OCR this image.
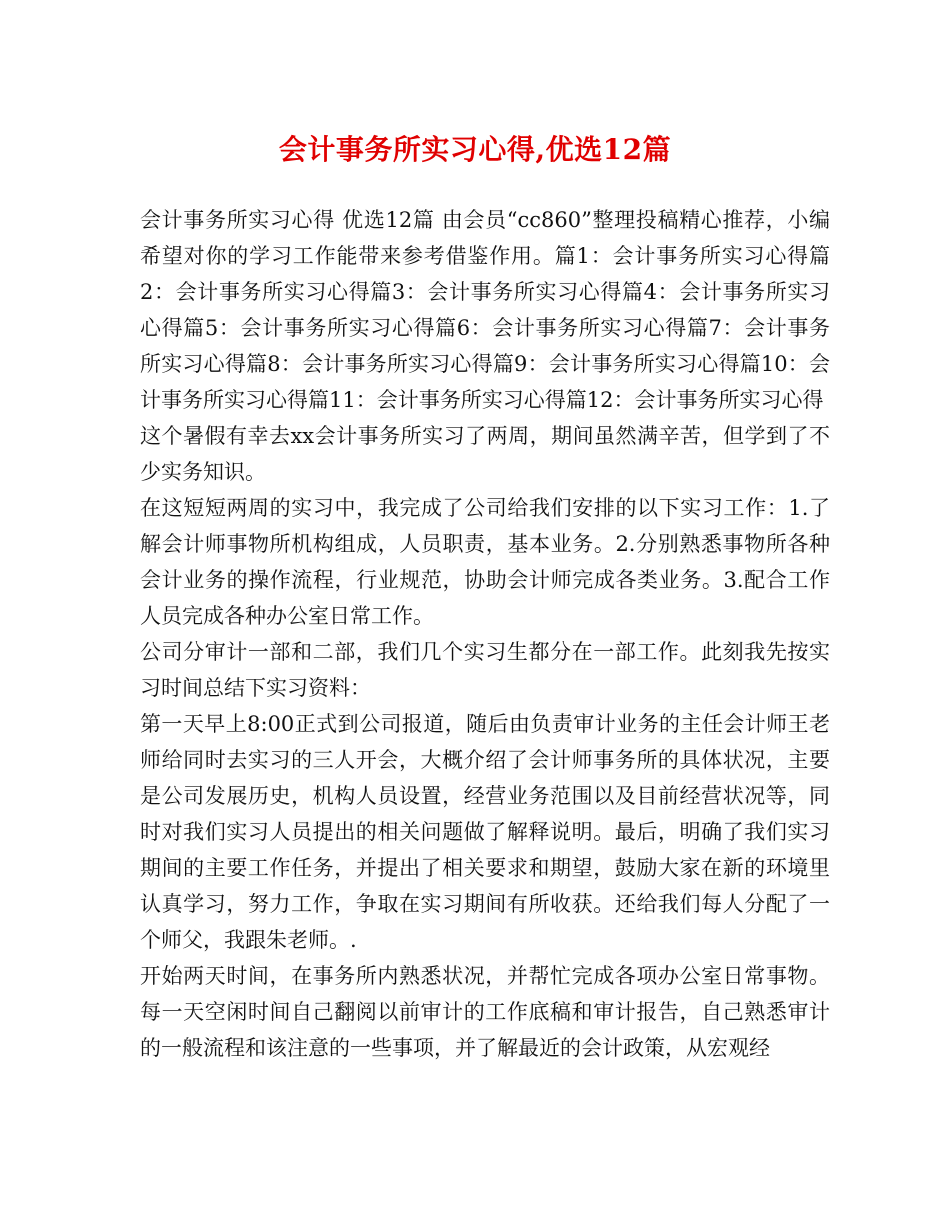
会计事务所实习心得,优选12篇

会计事务所实习心得 优选12篇 由会员“cc860”整理投稿精心推荐，小编希望对你的学习工作能带来参考借鉴作用。篇1：会计事务所实习心得篇2：会计事务所实习心得篇3：会计事务所实习心得篇4：会计事务所实习心得篇5：会计事务所实习心得篇6：会计事务所实习心得篇7：会计事务所实习心得篇8：会计事务所实习心得篇9：会计事务所实习心得篇10：会计事务所实习心得篇11：会计事务所实习心得篇12：会计事务所实习心得

这个暑假有幸去xx会计事务所实习了两周，期间虽然满辛苦，但学到了不少实务知识。

在这短短两周的实习中，我完成了公司给我们安排的以下实习工作：1.了解会计师事物所机构组成，人员职责，基本业务。2.分别熟悉事物所各种会计业务的操作流程，行业规范，协助会计师完成各类业务。3.配合工作人员完成各种办公室日常工作。

公司分审计一部和二部，我们几个实习生都分在一部工作。此刻我先按实习时间总结下实习资料：

第一天早上8:00正式到公司报道，随后由负责审计业务的主任会计师王老师给同时去实习的三人开会，大概介绍了会计师事务所的具体状况，主要是公司发展历史，机构人员设置，经营业务范围以及目前经营状况等，同时对我们实习人员提出的相关问题做了解释说明。最后，明确了我们实习期间的主要工作任务，并提出了相关要求和期望，鼓励大家在新的环境里认真学习，努力工作，争取在实习期间有所收获。还给我们每人分配了一个师父，我跟朱老师。.

开始两天时间，在事务所内熟悉状况，并帮忙完成各项办公室日常事物。每一天空闲时间自己翻阅以前审计的工作底稿和审计报告，自己熟悉审计的一般流程和该注意的一些事项，并了解最近的会计政策，从宏观经
